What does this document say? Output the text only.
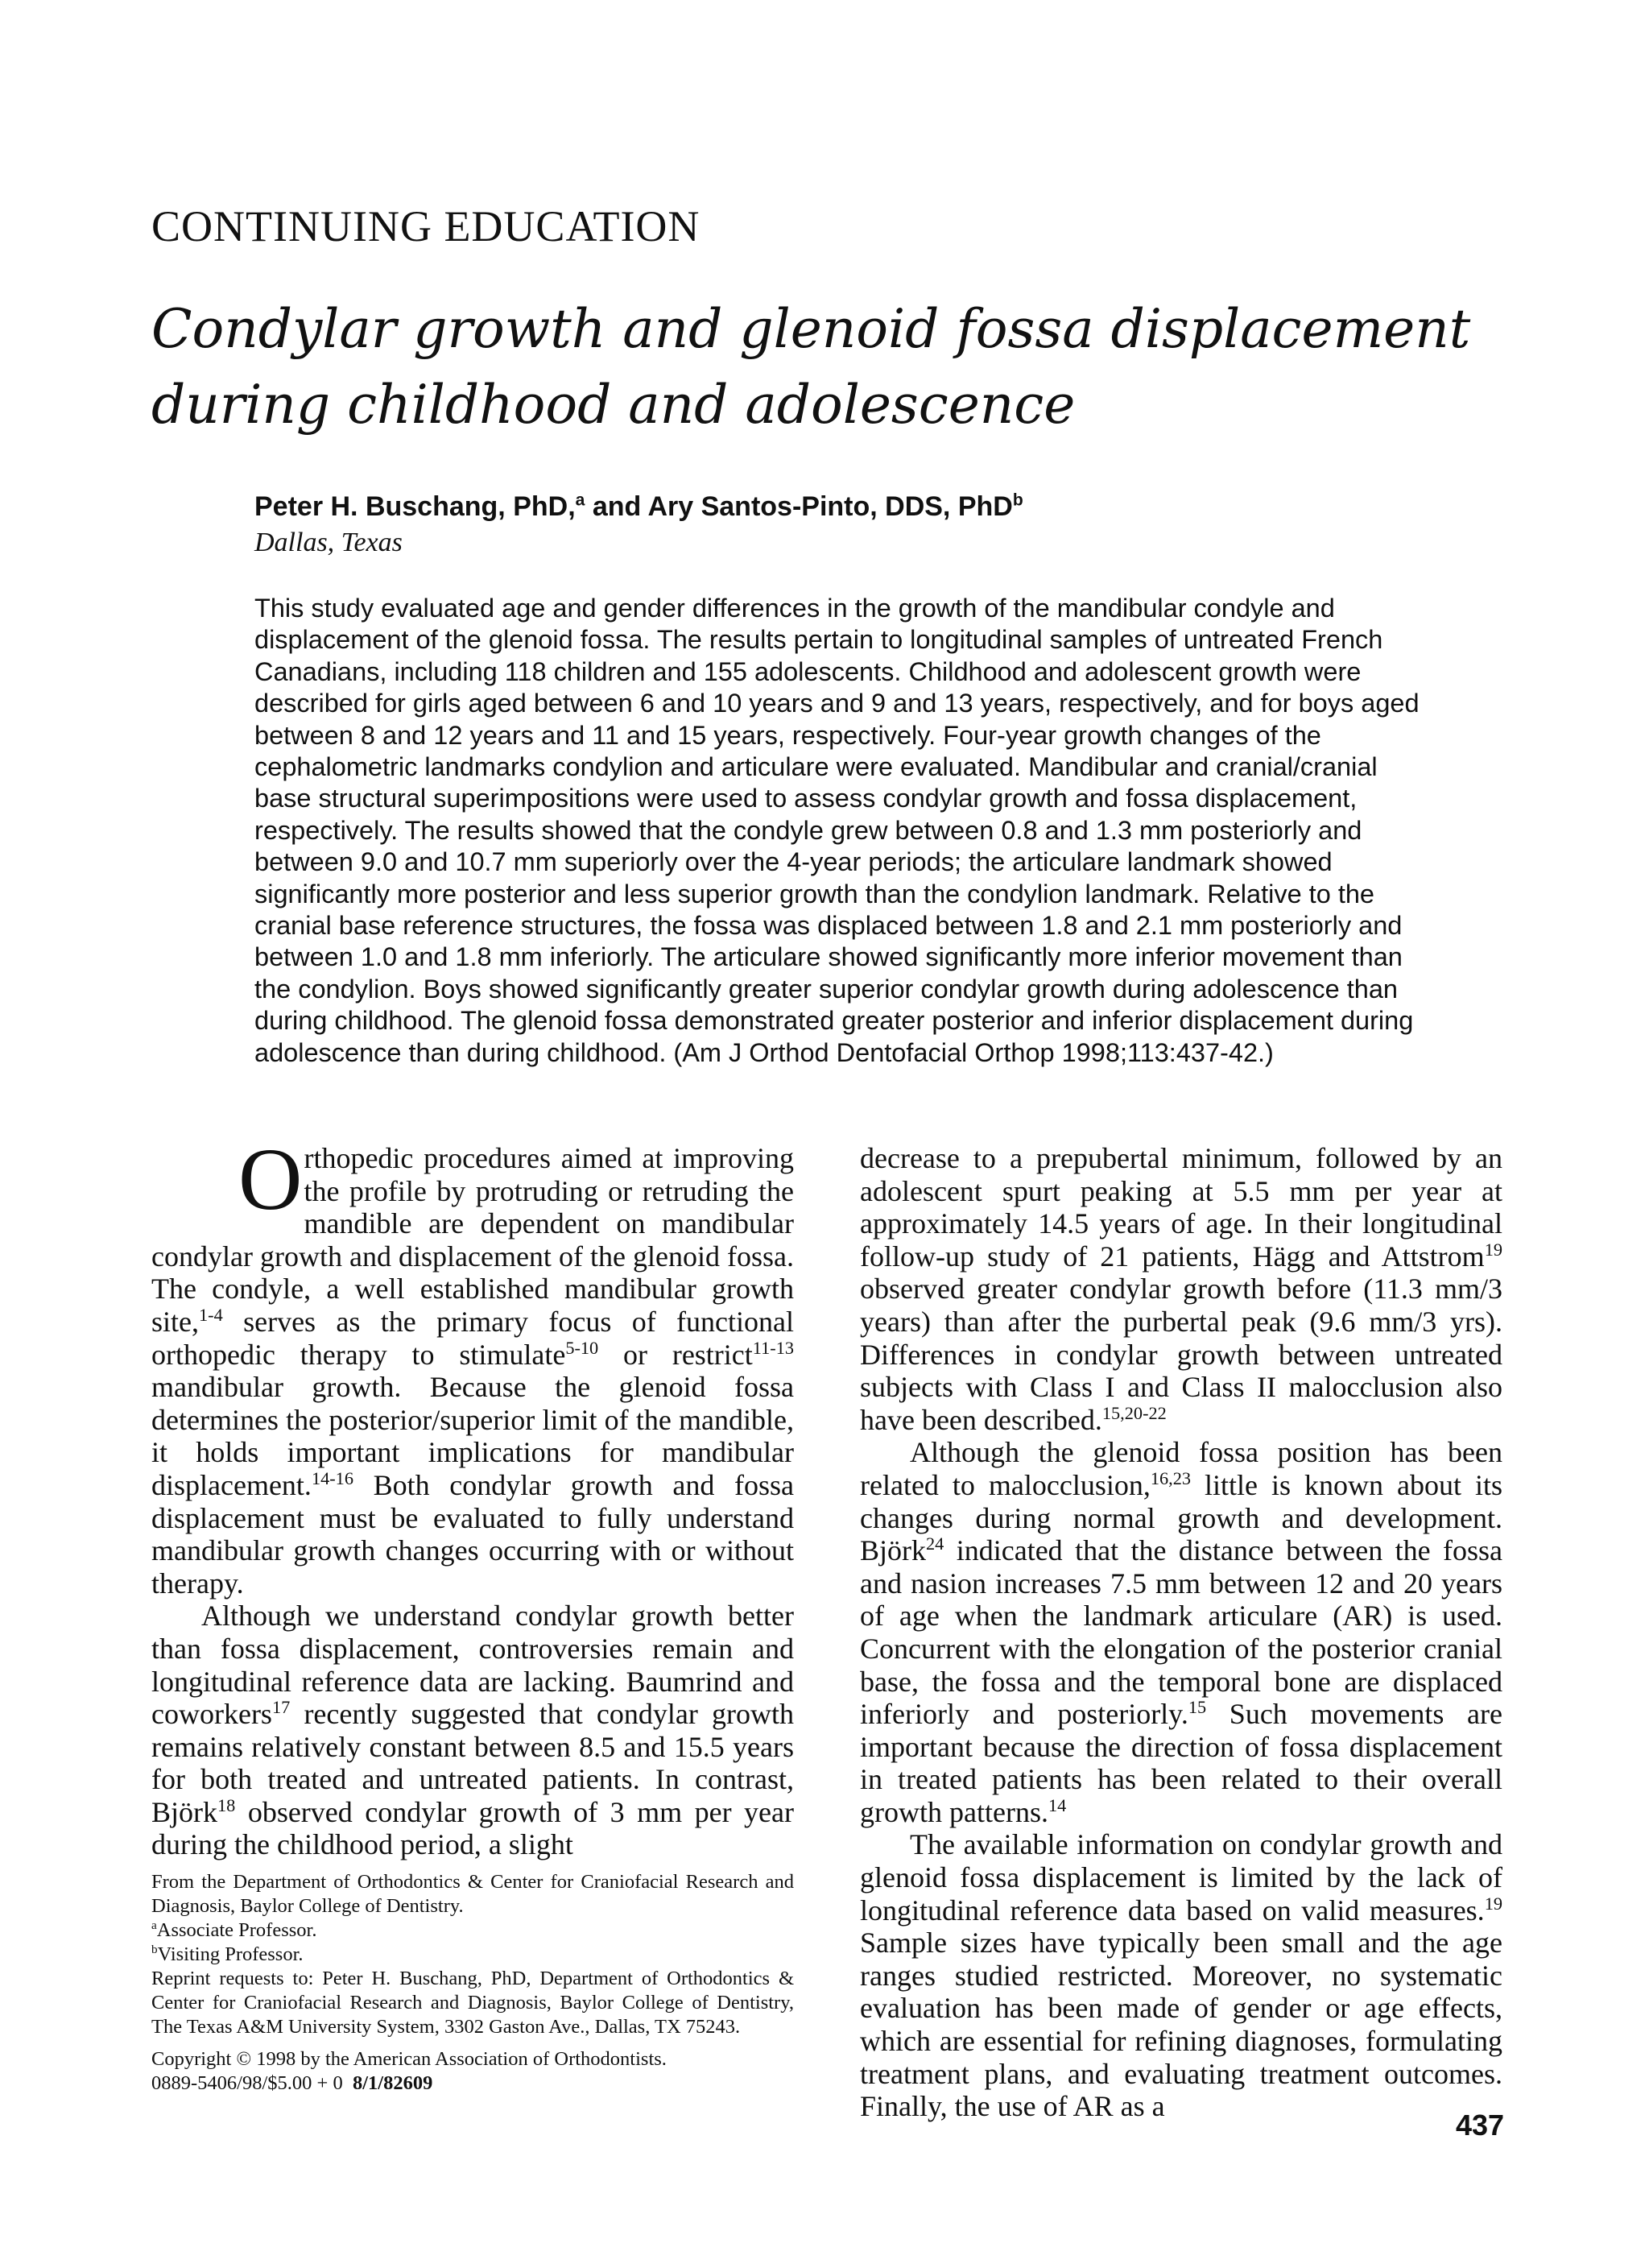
CONTINUING EDUCATION
Condylar growth and glenoid fossa displacement during childhood and adolescence

Peter H. Buschang, PhD,$^a$ and Ary Santos-Pinto, DDS, PhD$^b$

Dallas, Texas

This study evaluated age and gender differences in the growth of the mandibular condyle and displacement of the glenoid fossa. The results pertain to longitudinal samples of untreated French Canadians, including 118 children and 155 adolescents. Childhood and adolescent growth were described for girls aged between 6 and 10 years and 9 and 13 years, respectively, and for boys aged between 8 and 12 years and 11 and 15 years, respectively. Four-year growth changes of the cephalometric landmarks condylion and articulare were evaluated. Mandibular and cranial/cranial base structural superimpositions were used to assess condylar growth and fossa displacement, respectively. The results showed that the condyle grew between 0.8 and 1.3 mm posteriorly and between 9.0 and 10.7 mm superiorly over the 4-year periods; the articulare landmark showed significantly more posterior and less superior growth than the condylion landmark. Relative to the cranial base reference structures, the fossa was displaced between 1.8 and 2.1 mm posteriorly and between 1.0 and 1.8 mm inferiorly. The articulare showed significantly more inferior movement than the condylion. Boys showed significantly greater superior condylar growth during adolescence than during childhood. The glenoid fossa demonstrated greater posterior and inferior displacement during adolescence than during childhood. (Am J Orthod Dentofacial Orthop 1998;113:437-42.)

Orthopedic procedures aimed at improving the profile by protruding or retruding the mandible are dependent on mandibular condylar growth and displacement of the glenoid fossa. The condyle, a well established mandibular growth site,$^{1-4}$ serves as the primary focus of functional orthopedic therapy to stimulate$^{5-10}$ or restrict$^{11-13}$ mandibular growth. Because the glenoid fossa determines the posterior/superior limit of the mandible, it holds important implications for mandibular displacement.$^{14-16}$ Both condylar growth and fossa displacement must be evaluated to fully understand mandibular growth changes occurring with or without therapy.

Although we understand condylar growth better than fossa displacement, controversies remain and longitudinal reference data are lacking. Baumrind and coworkers$^{17}$ recently suggested that condylar growth remains relatively constant between 8.5 and 15.5 years for both treated and untreated patients. In contrast, Björk$^{18}$ observed condylar growth of 3 mm per year during the childhood period, a slight

decrease to a prepubertal minimum, followed by an adolescent spurt peaking at 5.5 mm per year at approximately 14.5 years of age. In their longitudinal follow-up study of 21 patients, Hägg and Attstrom$^{19}$ observed greater condylar growth before (11.3 mm/3 years) than after the purbertal peak (9.6 mm/3 yrs). Differences in condylar growth between untreated subjects with Class I and Class II malocclusion also have been described.$^{15,20-22}$

Although the glenoid fossa position has been related to malocclusion,$^{16,23}$ little is known about its changes during normal growth and development. Björk$^{24}$ indicated that the distance between the fossa and nasion increases 7.5 mm between 12 and 20 years of age when the landmark articulare (AR) is used. Concurrent with the elongation of the posterior cranial base, the fossa and the temporal bone are displaced inferiorly and posteriorly.$^{15}$ Such movements are important because the direction of fossa displacement in treated patients has been related to their overall growth patterns.$^{14}$

The available information on condylar growth and glenoid fossa displacement is limited by the lack of longitudinal reference data based on valid measures.$^{19}$ Sample sizes have typically been small and the age ranges studied restricted. Moreover, no systematic evaluation has been made of gender or age effects, which are essential for refining diagnoses, formulating treatment plans, and evaluating treatment outcomes. Finally, the use of AR as a

From the Department of Orthodontics & Center for Craniofacial Research and Diagnosis, Baylor College of Dentistry.

$^a$Associate Professor.

$^b$Visiting Professor.

Reprint requests to: Peter H. Buschang, PhD, Department of Orthodontics & Center for Craniofacial Research and Diagnosis, Baylor College of Dentistry, The Texas A&M University System, 3302 Gaston Ave., Dallas, TX 75243.

Copyright © 1998 by the American Association of Orthodontists.

0889-5406/98/$5.00 + 0 8/1/82609

437
